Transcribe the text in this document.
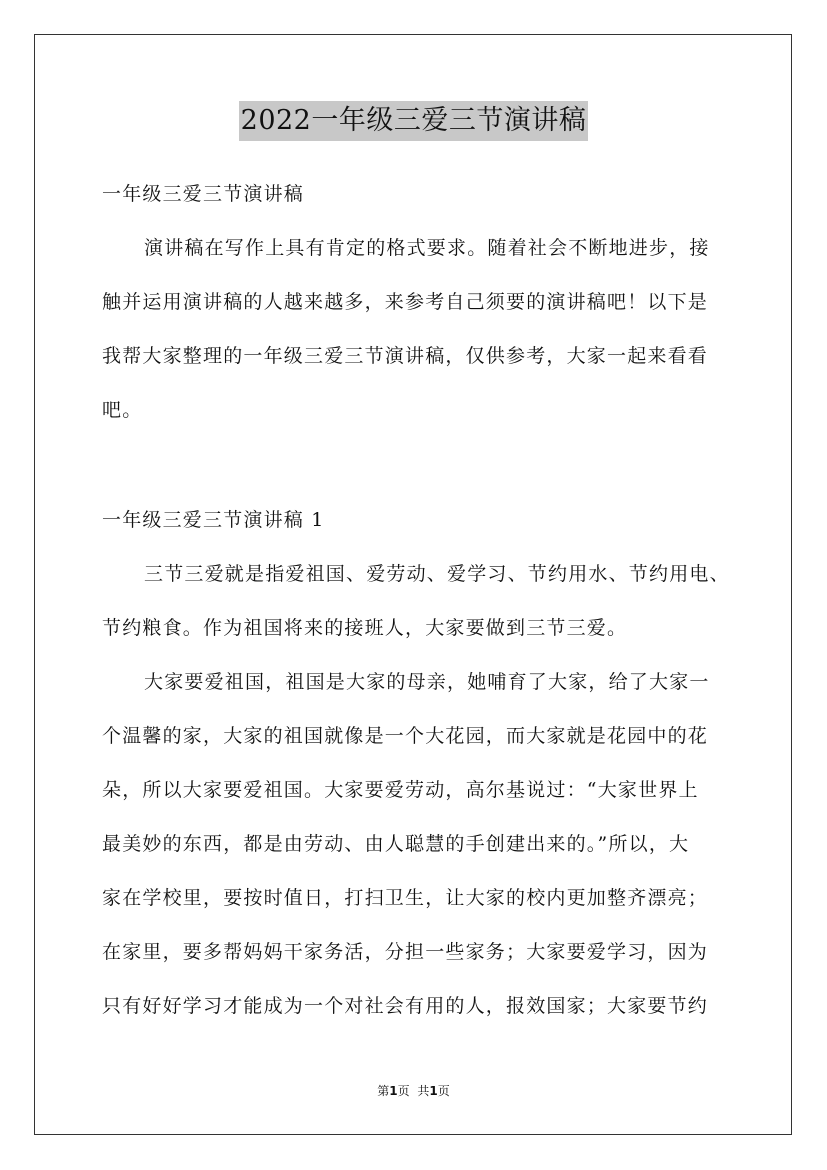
2022一年级三爱三节演讲稿
一年级三爱三节演讲稿
演讲稿在写作上具有肯定的格式要求。随着社会不断地进步，接
触并运用演讲稿的人越来越多，来参考自己须要的演讲稿吧！以下是
我帮大家整理的一年级三爱三节演讲稿，仅供参考，大家一起来看看
吧。
一年级三爱三节演讲稿 1
三节三爱就是指爱祖国、爱劳动、爱学习、节约用水、节约用电、
节约粮食。作为祖国将来的接班人，大家要做到三节三爱。
大家要爱祖国，祖国是大家的母亲，她哺育了大家，给了大家一
个温馨的家，大家的祖国就像是一个大花园，而大家就是花园中的花
朵，所以大家要爱祖国。大家要爱劳动，高尔基说过：“大家世界上
最美妙的东西，都是由劳动、由人聪慧的手创建出来的。”所以，大
家在学校里，要按时值日，打扫卫生，让大家的校内更加整齐漂亮；
在家里，要多帮妈妈干家务活，分担一些家务；大家要爱学习，因为
只有好好学习才能成为一个对社会有用的人，报效国家；大家要节约
第1页 共1页
